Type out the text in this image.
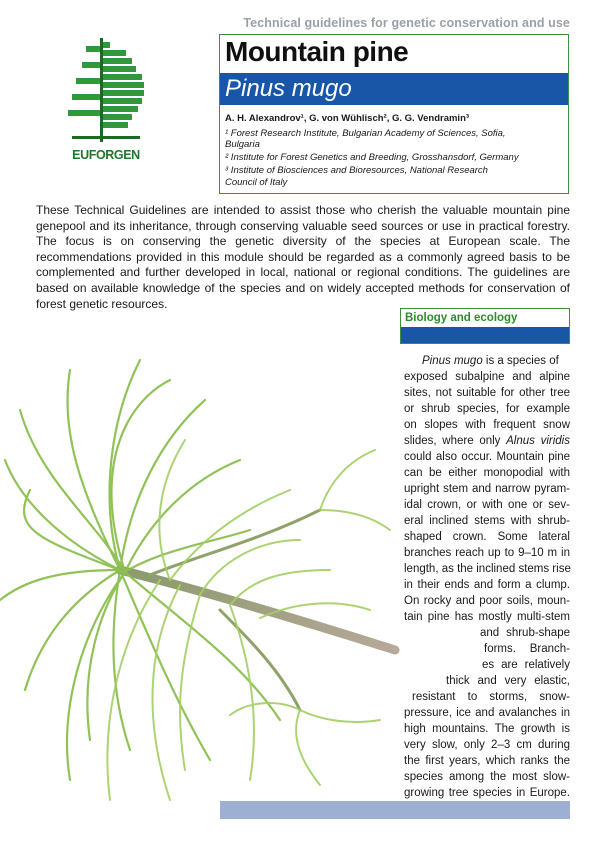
Technical guidelines for genetic conservation and use
EUFORGEN
Mountain pine
Pinus mugo
A. H. Alexandrov¹, G. von Wühlisch², G. G. Vendramin³
¹ Forest Research Institute, Bulgarian Academy of Sciences, Sofia,
Bulgaria
² Institute for Forest Genetics and Breeding, Grosshansdorf, Germany
³ Institute of Biosciences and Bioresources, National Research
Council of Italy
These Technical Guidelines are intended to assist those who cherish the valuable mountain pine genepool and its inheritance, through conserving valuable seed sources or use in practical forestry. The focus is on conserving the genetic diversity of the species at European scale. The recommendations provided in this module should be regarded as a commonly agreed basis to be complemented and further developed in local, national or regional conditions. The guidelines are based on available knowledge of the species and on widely accepted methods for conservation of forest genetic resources.
Biology and ecology
Pinus mugo is a species of
exposed subalpine and alpine
sites, not suitable for other tree
or shrub species, for example
on slopes with frequent snow
slides, where only Alnus viridis
could also occur. Mountain pine
can be either monopodial with
upright stem and narrow pyram-
idal crown, or with one or sev-
eral inclined stems with shrub-
shaped crown. Some lateral
branches reach up to 9–10 m in
length, as the inclined stems rise
in their ends and form a clump.
On rocky and poor soils, moun-
tain pine has mostly multi-stem
and shrub-shape
forms. Branch-
es are relatively
thick and very elastic,
resistant to storms, snow-
pressure, ice and avalanches in
high mountains. The growth is
very slow, only 2–3 cm during
the first years, which ranks the
species among the most slow-
growing tree species in Europe.
